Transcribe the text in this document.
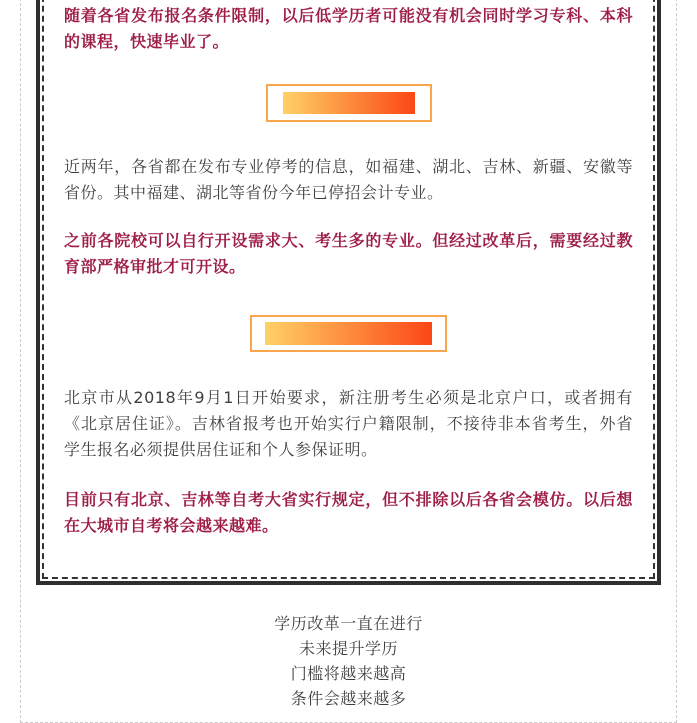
随着各省发布报名条件限制，以后低学历者可能没有机会同时学习专科、本科的课程，快速毕业了。

近两年，各省都在发布专业停考的信息，如福建、湖北、吉林、新疆、安徽等省份。其中福建、湖北等省份今年已停招会计专业。

之前各院校可以自行开设需求大、考生多的专业。但经过改革后，需要经过教育部严格审批才可开设。

北京市从2018年9月1日开始要求，新注册考生必须是北京户口，或者拥有《北京居住证》。吉林省报考也开始实行户籍限制，不接待非本省考生，外省学生报名必须提供居住证和个人参保证明。

目前只有北京、吉林等自考大省实行规定，但不排除以后各省会模仿。以后想在大城市自考将会越来越难。

学历改革一直在进行

未来提升学历

门槛将越来越高

条件会越来越多
